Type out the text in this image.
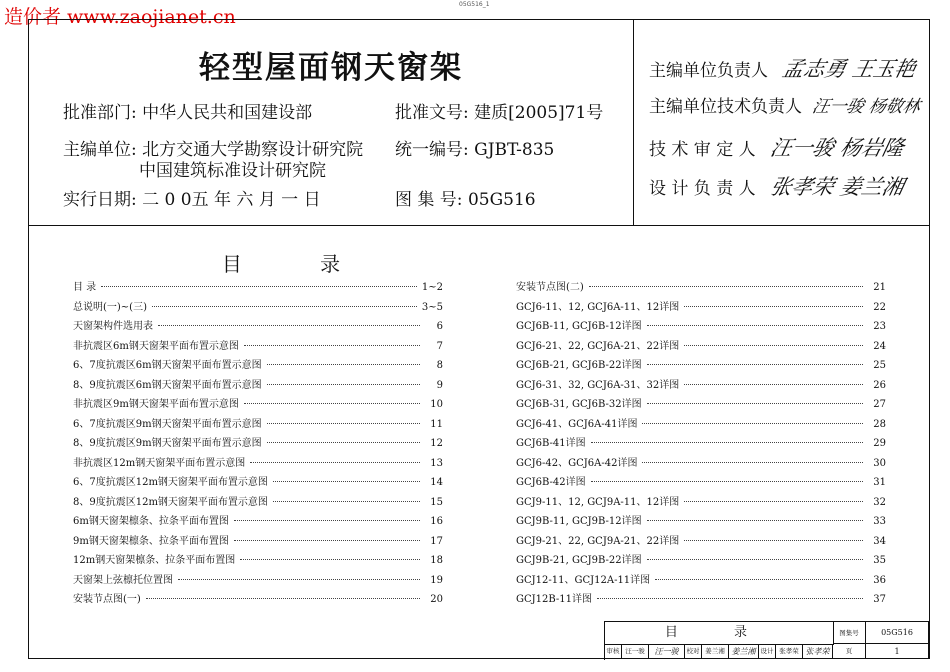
造价者 www.zaojianet.cn
05G516_1
轻型屋面钢天窗架
批准部门: 中华人民共和国建设部	批准文号: 建质[2005]71号
主编单位: 北方交通大学勘察设计研究院
中国建筑标准设计研究院
统一编号: GJBT-835
实行日期: 二 0 0五 年 六 月 一 日	图 集 号: 05G516
主编单位负责人 孟志勇 王玉艳
主编单位技术负责人 汪一骏 杨敬林
技 术 审 定 人 汪一骏 杨岩隆
设 计 负 责 人 张孝荣 姜兰湘
目 录
目 录	1~2
总说明(一)~(三)	3~5
天窗架构件选用表	6
非抗震区6m钢天窗架平面布置示意图	7
6、7度抗震区6m钢天窗架平面布置示意图	8
8、9度抗震区6m钢天窗架平面布置示意图	9
非抗震区9m钢天窗架平面布置示意图	10
6、7度抗震区9m钢天窗架平面布置示意图	11
8、9度抗震区9m钢天窗架平面布置示意图	12
非抗震区12m钢天窗架平面布置示意图	13
6、7度抗震区12m钢天窗架平面布置示意图	14
8、9度抗震区12m钢天窗架平面布置示意图	15
6m钢天窗架檩条、拉条平面布置图	16
9m钢天窗架檩条、拉条平面布置图	17
12m钢天窗架檩条、拉条平面布置图	18
天窗架上弦檩托位置图	19
安装节点图(一)	20
安装节点图(二)	21
GCJ6-11、12, GCJ6A-11、12详图	22
GCJ6B-11, GCJ6B-12详图	23
GCJ6-21、22, GCJ6A-21、22详图	24
GCJ6B-21, GCJ6B-22详图	25
GCJ6-31、32, GCJ6A-31、32详图	26
GCJ6B-31, GCJ6B-32详图	27
GCJ6-41、GCJ6A-41详图	28
GCJ6B-41详图	29
GCJ6-42、GCJ6A-42详图	30
GCJ6B-42详图	31
GCJ9-11、12, GCJ9A-11、12详图	32
GCJ9B-11, GCJ9B-12详图	33
GCJ9-21、22, GCJ9A-21、22详图	34
GCJ9B-21, GCJ9B-22详图	35
GCJ12-11、GCJ12A-11详图	36
GCJ12B-11详图	37
目 录	图集号	05G516
审核 汪一骏	汪一骏	校对 姜兰湘 姜兰湘 设计 张孝荣 张孝荣	页	1
